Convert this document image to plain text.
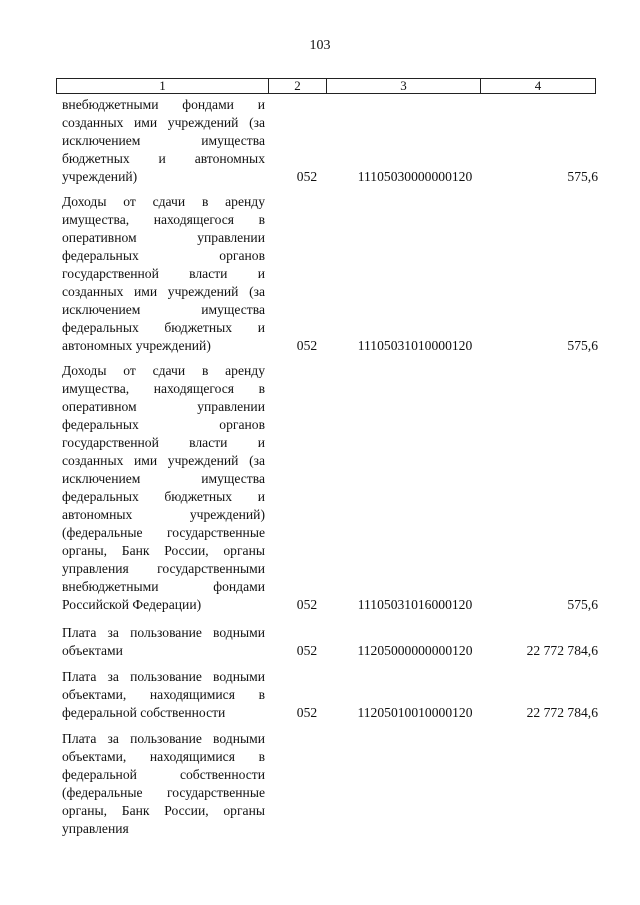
103
1	2	3	4
внебюджетными фондами и созданных ими учреждений (за исключением имущества бюджетных и автономных учреждений)	052	11105030000000120	575,6
Доходы от сдачи в аренду имущества, находящегося в оперативном управлении федеральных органов государственной власти и созданных ими учреждений (за исключением имущества федеральных бюджетных и автономных учреждений)	052	11105031010000120	575,6
Доходы от сдачи в аренду имущества, находящегося в оперативном управлении федеральных органов государственной власти и созданных ими учреждений (за исключением имущества федеральных бюджетных и автономных учреждений) (федеральные государственные органы, Банк России, органы управления государственными внебюджетными фондами Российской Федерации)	052	11105031016000120	575,6
Плата за пользование водными объектами	052	11205000000000120	22 772 784,6
Плата за пользование водными объектами, находящимися в федеральной собственности	052	11205010010000120	22 772 784,6
Плата за пользование водными объектами, находящимися в федеральной собственности (федеральные государственные органы, Банк России, органы управления
